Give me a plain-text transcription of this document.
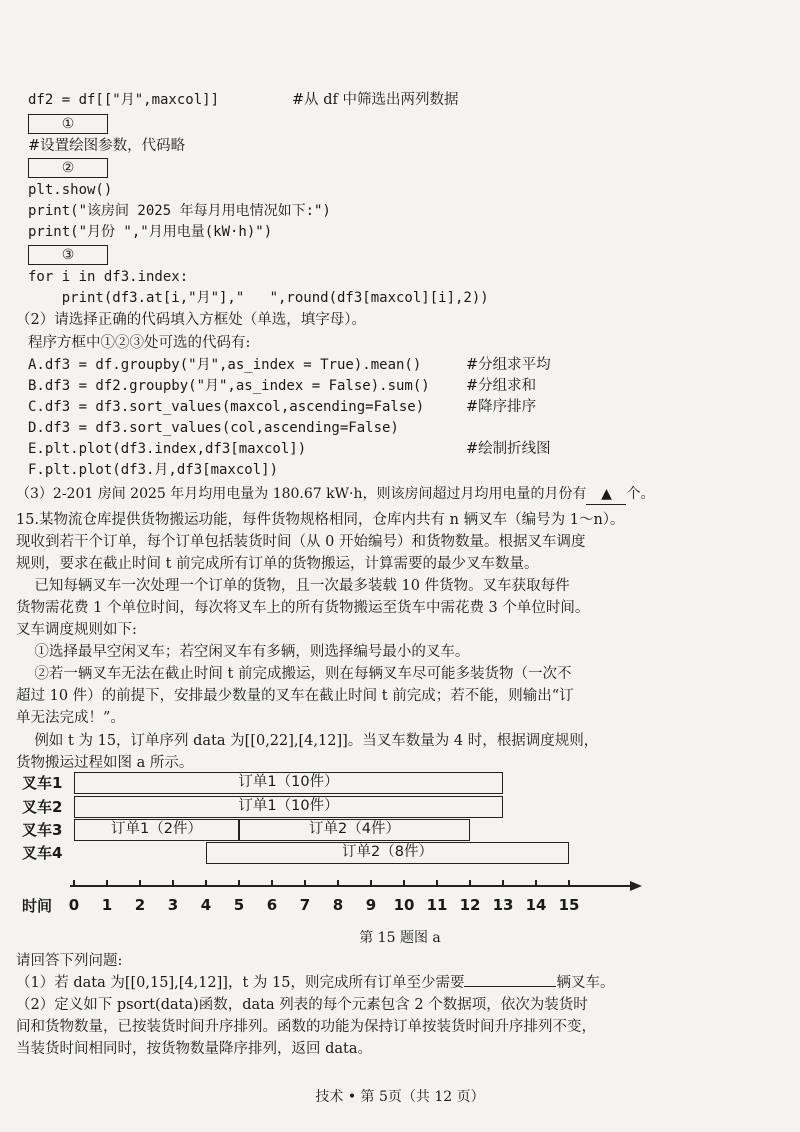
df2 = df[["月",maxcol]]	#从 df 中筛选出两列数据
①
#设置绘图参数，代码略
②
plt.show()
print("该房间 2025 年每月用电情况如下:")
print("月份 ","月用电量(kW·h)")
③
for i in df3.index:
print(df3.at[i,"月"],"   ",round(df3[maxcol][i],2))
（2）请选择正确的代码填入方框处（单选，填字母）。
程序方框中①②③处可选的代码有:
A.df3 = df.groupby("月",as_index = True).mean()	#分组求平均
B.df3 = df2.groupby("月",as_index = False).sum()	#分组求和
C.df3 = df3.sort_values(maxcol,ascending=False)	#降序排序
D.df3 = df3.sort_values(col,ascending=False)
E.plt.plot(df3.index,df3[maxcol])	#绘制折线图
F.plt.plot(df3.月,df3[maxcol])
（3）2-201 房间 2025 年月均用电量为 180.67 kW·h，则该房间超过月均用电量的月份有 ▲ 个。
15.某物流仓库提供货物搬运功能，每件货物规格相同，仓库内共有 n 辆叉车（编号为 1～n）。
现收到若干个订单，每个订单包括装货时间（从 0 开始编号）和货物数量。根据叉车调度
规则，要求在截止时间 t 前完成所有订单的货物搬运，计算需要的最少叉车数量。
已知每辆叉车一次处理一个订单的货物，且一次最多装载 10 件货物。叉车获取每件
货物需花费 1 个单位时间，每次将叉车上的所有货物搬运至货车中需花费 3 个单位时间。
叉车调度规则如下:
①选择最早空闲叉车；若空闲叉车有多辆，则选择编号最小的叉车。
②若一辆叉车无法在截止时间 t 前完成搬运，则在每辆叉车尽可能多装货物（一次不
超过 10 件）的前提下，安排最少数量的叉车在截止时间 t 前完成；若不能，则输出“订
单无法完成！”。
例如 t 为 15，订单序列 data 为[[0,22],[4,12]]。当叉车数量为 4 时，根据调度规则，
货物搬运过程如图 a 所示。
叉车1	订单1（10件）
叉车2	订单1（10件）
叉车3	订单1（2件）	订单2（4件）
叉车4	订单2（8件）
0	1	2	3	4	5	6	7	8	9	10 11 12 13 14 15
时间
第 15 题图 a
请回答下列问题:
（1）若 data 为[[0,15],[4,12]]，t 为 15，则完成所有订单至少需要	辆叉车。
（2）定义如下 psort(data)函数，data 列表的每个元素包含 2 个数据项，依次为装货时
间和货物数量，已按装货时间升序排列。函数的功能为保持订单按装货时间升序排列不变，
当装货时间相同时，按货物数量降序排列，返回 data。
技术 • 第 5页（共 12 页）
